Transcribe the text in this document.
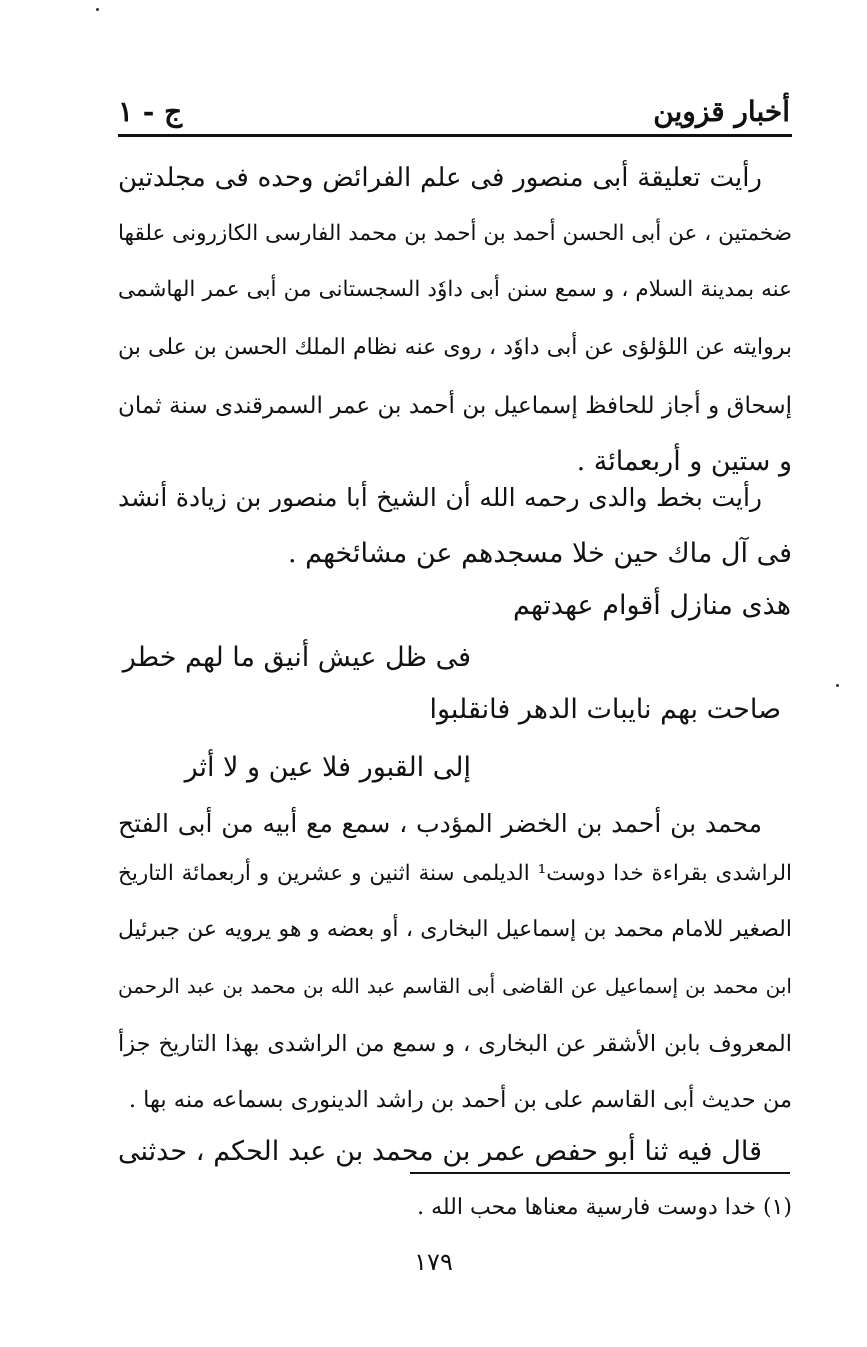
أخبار قزوين
ج - ١
رأيت تعليقة أبى منصور فى علم الفرائض وحده فى مجلدتين
ضخمتين ، عن أبى الحسن أحمد بن أحمد بن محمد الفارسى الكازرونى علقها
عنه بمدينة السلام ، و سمع سنن أبى داوٗد السجستانى من أبى عمر الهاشمى
بروايته عن اللؤلؤى عن أبى داوٗد ، روى عنه نظام الملك الحسن بن على بن
إسحاق و أجاز للحافظ إسماعيل بن أحمد بن عمر السمرقندى سنة ثمان
و ستين و أربعمائة .
رأيت بخط والدى رحمه الله أن الشيخ أبا منصور بن زيادة أنشد
فى آل ماك حين خلا مسجدهم عن مشائخهم .
هذى منازل أقوام عهدتهم
فى ظل عيش أنيق ما لهم خطر
صاحت بهم نايبات الدهر فانقلبوا
إلى القبور فلا عين و لا أثر
محمد بن أحمد بن الخضر المؤدب ، سمع مع أبيه من أبى الفتح
الراشدى بقراءة خدا دوست¹ الديلمى سنة اثنين و عشرين و أربعمائة التاريخ
الصغير للامام محمد بن إسماعيل البخارى ، أو بعضه و هو يرويه عن جبرئيل
ابن محمد بن إسماعيل عن القاضى أبى القاسم عبد الله بن محمد بن عبد الرحمن
المعروف بابن الأشقر عن البخارى ، و سمع من الراشدى بهذا التاريخ جزأ
من حديث أبى القاسم على بن أحمد بن راشد الدينورى بسماعه منه بها .
قال فيه ثنا أبو حفص عمر بن محمد بن عبد الحكم ، حدثنى
(١) خدا دوست فارسية معناها محب الله .
١٧٩
